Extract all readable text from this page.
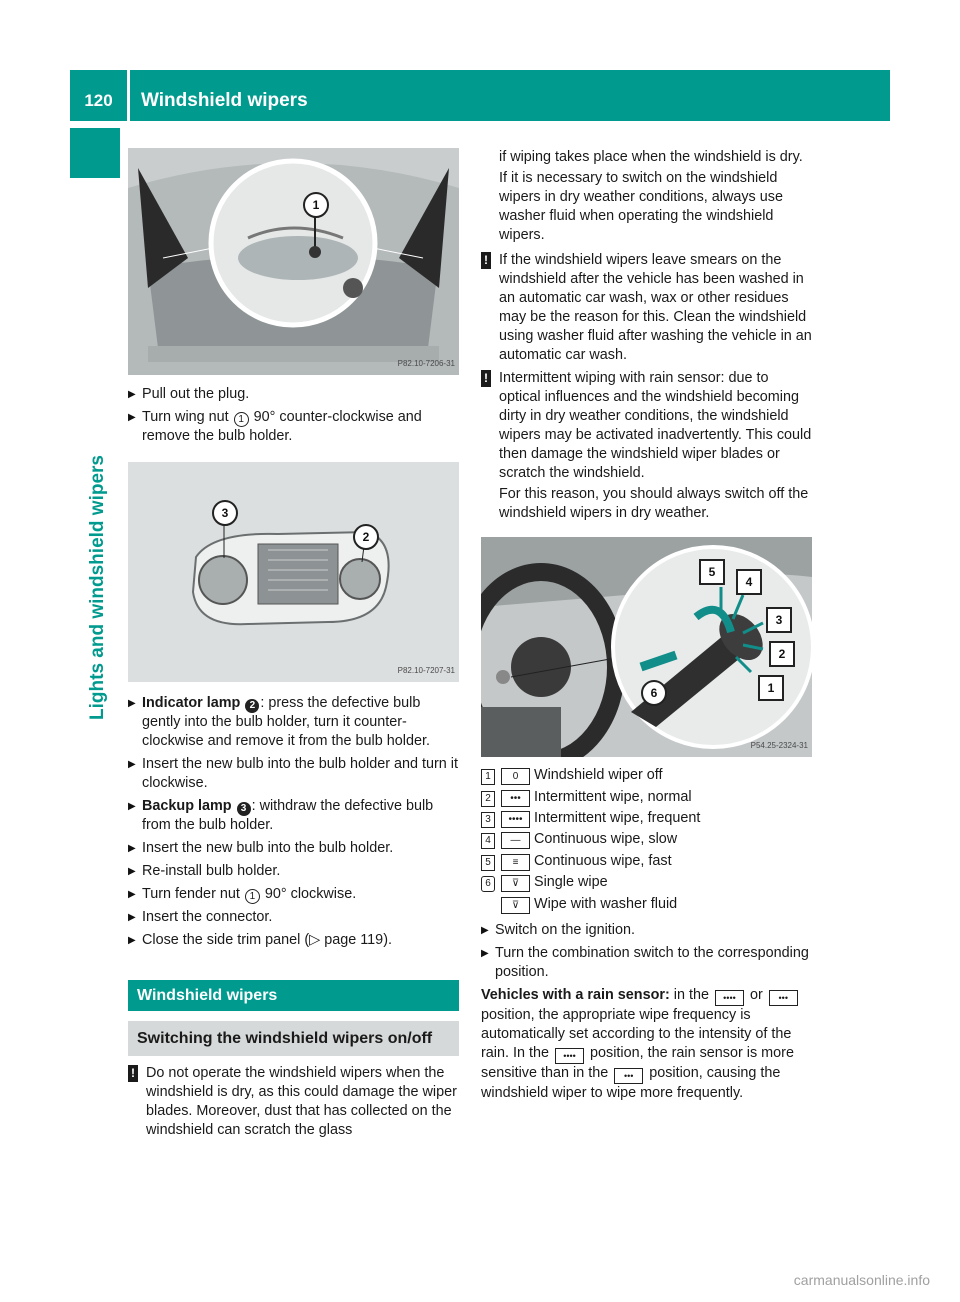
120	Windshield wipers
Lights and windshield wipers
1
P82.10-7206-31
▶ Pull out the plug.
▶ Turn wing nut 1 90° counter-clockwise and remove the bulb holder.
3
2
P82.10-7207-31
▶ Indicator lamp 2 : press the defective bulb gently into the bulb holder, turn it counter-clockwise and remove it from the bulb holder.
▶ Insert the new bulb into the bulb holder and turn it clockwise.
▶ Backup lamp 3 : withdraw the defective bulb from the bulb holder.
▶ Insert the new bulb into the bulb holder.
▶ Re-install bulb holder.
▶ Turn fender nut 1 90° clockwise.
▶ Insert the connector.
▶ Close the side trim panel (▷ page 119).
Windshield wipers
Switching the windshield wipers on/off
! Do not operate the windshield wipers when the windshield is dry, as this could damage the wiper blades. Moreover, dust that has collected on the windshield can scratch the glass

if wiping takes place when the windshield is dry.

If it is necessary to switch on the windshield wipers in dry weather conditions, always use washer fluid when operating the windshield wipers.

! If the windshield wipers leave smears on the windshield after the vehicle has been washed in an automatic car wash, wax or other residues may be the reason for this. Clean the windshield using washer fluid after washing the vehicle in an automatic car wash.
! Intermittent wiping with rain sensor: due to optical influences and the windshield becoming dirty in dry weather conditions, the windshield wipers may be activated inadvertently. This could then damage the windshield wiper blades or scratch the windshield.

For this reason, you should always switch off the windshield wipers in dry weather.

6	1
2
3
4
5
P54.25-2324-31
1	0	Windshield wiper off
2	••• Intermittent wipe, normal
3	•••• Intermittent wipe, frequent
4	— Continuous wipe, slow
5	≡	Continuous wipe, fast
6	⊽	Single wipe
⊽	Wipe with washer fluid
▶ Switch on the ignition.
▶ Turn the combination switch to the corresponding position.

Vehicles with a rain sensor: in the •••• or ••• position, the appropriate wipe frequency is automatically set according to the intensity of the rain. In the •••• position, the rain sensor is more sensitive than in the ••• position, causing the windshield wiper to wipe more frequently.

carmanualsonline.info
